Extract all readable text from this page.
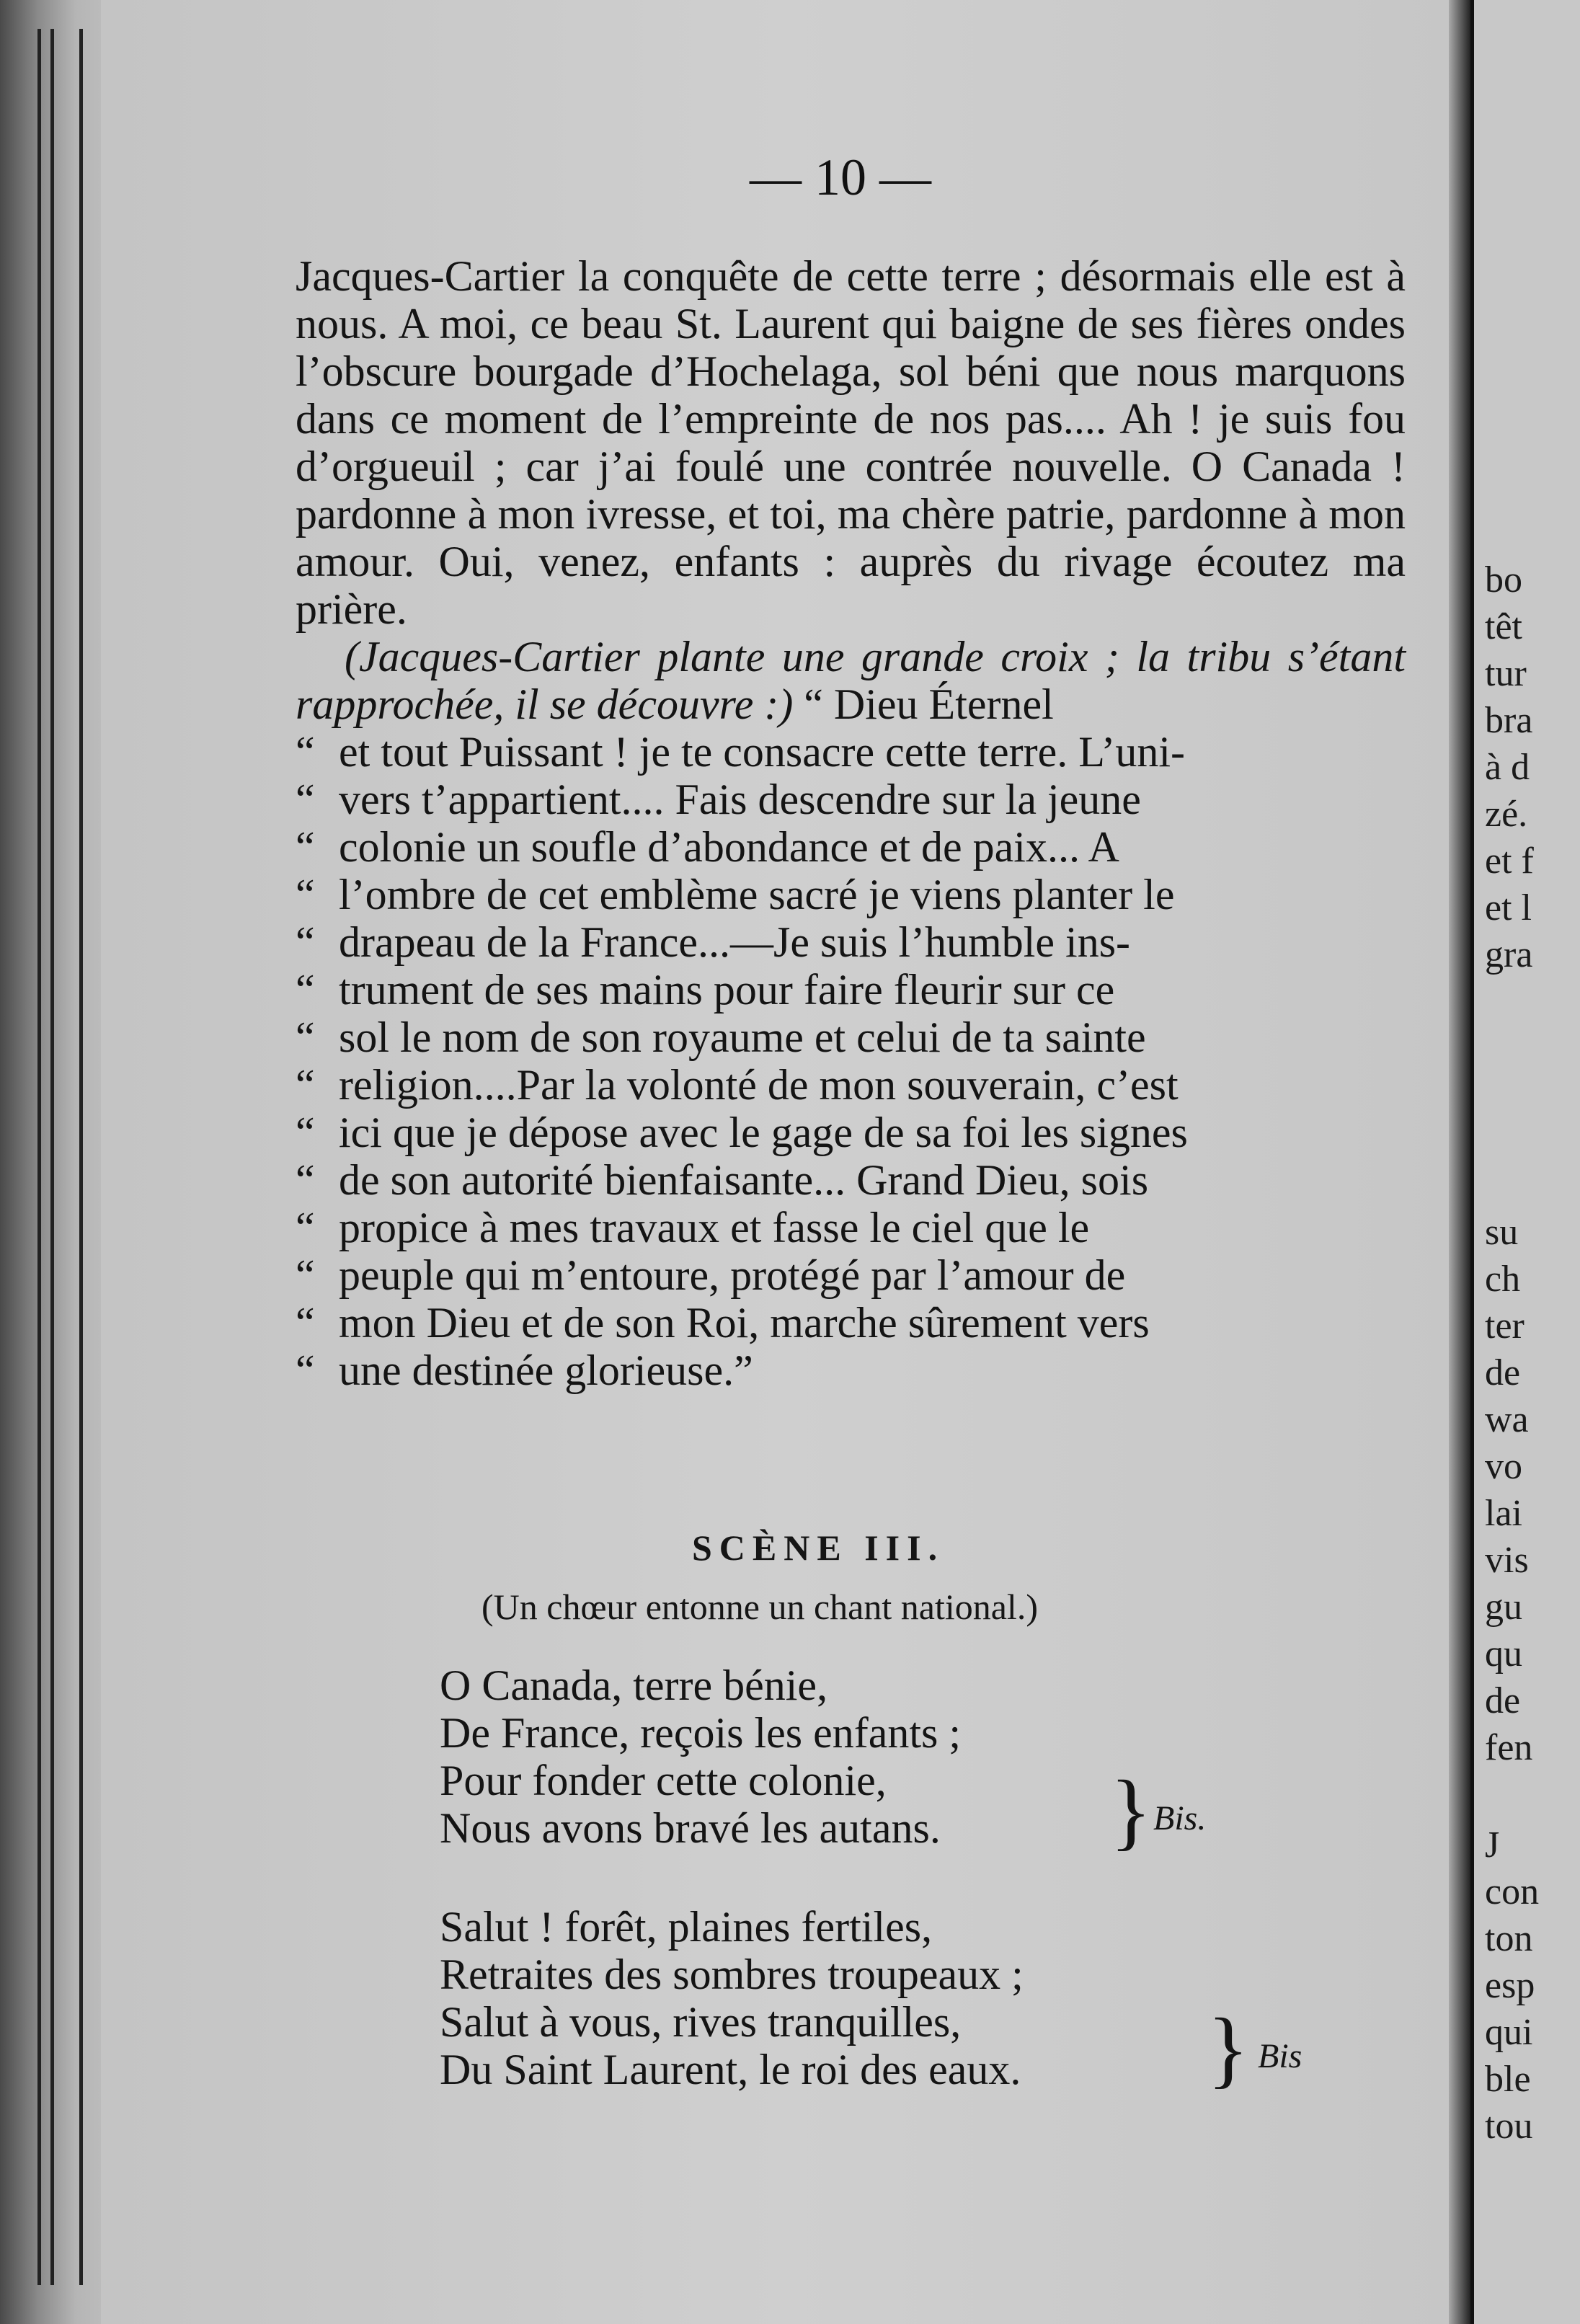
— 10 —

Jacques-Cartier la conquête de cette terre ; désormais elle est à nous. A moi, ce beau St. Laurent qui baigne de ses fières ondes l’obscure bourgade d’Hochelaga, sol béni que nous marquons dans ce moment de l’empreinte de nos pas.... Ah ! je suis fou d’orgueuil ; car j’ai foulé une contrée nouvelle. O Canada ! pardonne à mon ivresse, et toi, ma chère patrie, pardonne à mon amour. Oui, venez, enfants : auprès du rivage écoutez ma prière.

(Jacques-Cartier plante une grande croix ; la tribu s’étant rapprochée, il se découvre :) “ Dieu Éternel

“ et tout Puissant ! je te consacre cette terre. L’uni-
“ vers t’appartient.... Fais descendre sur la jeune
“ colonie un soufle d’abondance et de paix... A
“ l’ombre de cet emblème sacré je viens planter le
“ drapeau de la France...—Je suis l’humble ins-
“ trument de ses mains pour faire fleurir sur ce
“ sol le nom de son royaume et celui de ta sainte
“ religion....Par la volonté de mon souverain, c’est
“ ici que je dépose avec le gage de sa foi les signes
“ de son autorité bienfaisante... Grand Dieu, sois
“ propice à mes travaux et fasse le ciel que le
“ peuple qui m’entoure, protégé par l’amour de
“ mon Dieu et de son Roi, marche sûrement vers
“ une destinée glorieuse.”
SCÈNE III.
(Un chœur entonne un chant national.)
O Canada, terre bénie,
De France, reçois les enfants ;
Pour fonder cette colonie,
Nous avons bravé les autans. } Bis.
Salut ! forêt, plaines fertiles,
Retraites des sombres troupeaux ;
Salut à vous, rives tranquilles,
Du Saint Laurent, le roi des eaux. } Bis
bo
têt
tur
bra
à d
zé.
et f
et l
gra
su
ch
ter
de
wa
vo
lai
vis
gu
qu
de
fen
J
con
ton
esp
qui
ble
tou
